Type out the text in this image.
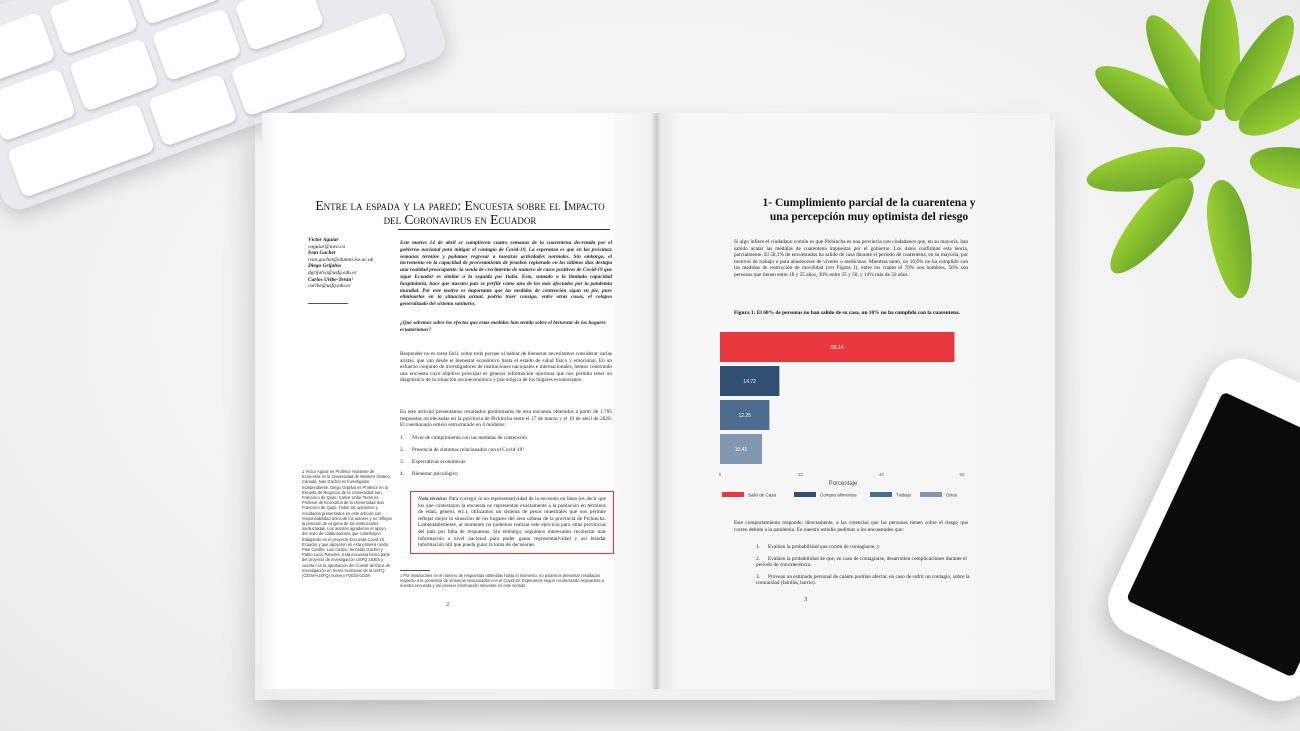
Entre la espada y la pared: Encuesta sobre el Impacto del Coronavirus en Ecuador
Víctor Aguiar
vaguiar@uwo.ca
Ivan Gachet
ivan.gachet@alumni.lse.ac.uk
Diego Grijalva
dgrijalva@usfq.edu.ec
Carlos Uribe-Terán¹
curibe@usfq.edu.ec
Este martes 14 de abril se cumplieron cuatro semanas de la cuarentena decretada por el gobierno nacional para mitigar el contagio de Covid-19. La esperanza es que en las próximas semanas termine y podamos regresar a nuestras actividades normales. Sin embargo, el incremento en la capacidad de procesamiento de pruebas registrado en los últimos días destapa una realidad preocupante: la senda de crecimiento de número de casos positivos de Covid-19 que sigue Ecuador es similar a la seguida por Italia. Esto, sumado a la limitada capacidad hospitalaria, hace que nuestro país se perfile como uno de los más afectados por la pandemia mundial. Por este motivo es importante que las medidas de contención sigan en pie, pues eliminarlas en la situación actual, podría traer consigo, entre otras cosas, el colapso generalizado del sistema sanitario.
¿Qué sabemos sobre los efectos que estas medidas han tenido sobre el bienestar de los hogares ecuatorianos?
Responder no es tarea fácil, sobre todo porque al hablar de bienestar necesitamos considerar varias aristas, que van desde el bienestar económico hasta el estado de salud físico y emocional. En un esfuerzo conjunto de investigadores de instituciones nacionales e internacionales, hemos construido una encuesta cuyo objetivo principal es generar información oportuna que nos permita tener un diagnóstico de la situación socioeconómica y psicológica de los hogares ecuatorianos.
En este artículo presentamos resultados preliminares de esta encuesta obtenidos a partir de 1.705 respuestas recolectadas en la provincia de Pichincha entre el 27 de marzo y el 10 de abril de 2020. El cuestionario estuvo estructurado en 4 módulos:
1. Nivel de cumplimiento con las medidas de contención
2. Presencia de síntomas relacionados con el Covid-19²
3. Expectativas económicas
4. Bienestar psicológico
1 Víctor Aguiar es Profesor Asistente de Economía en la Universidad de Western Ontario, Canadá. Ivan Gachet es Investigador Independiente. Diego Grijalva es Profesor en la Escuela de Negocios de la Universidad San Francisco de Quito. Carlos Uribe-Terán es Profesor de Economía de la Universidad San Francisco de Quito. Todas las opiniones y resultados presentados en este artículo son responsabilidad única de los autores y no reflejan la posición de ninguna de las instituciones involucradas. Los autores agradecen el apoyo del resto de colaboradores que contribuyen trabajando en el proyecto Encuesta Covid-19 Ecuador y que apoyaron en esta primera ronda: Paul Carrillo, Luis Castro, Nicholas Gachet y Pablo Lucio Paredes. Esta encuesta forma parte del proyecto de investigación USFQ 16304 y cuenta con la aprobación del Comité de Ética de Investigación en Seres Humanos de la USFQ (CEISH-USFQ) número P2020-021M.
Nota técnica: Para corregir la no-representatividad de la encuesta en línea (es decir que los que contestaron la encuesta no representan exactamente a la población en términos de edad, género, etc.), utilizamos un sistema de pesos muestrales que nos permite reflejar mejor la situación de los hogares del área urbana de la provincia de Pichincha. Lamentablemente, al momento no podemos realizar este ejercicio para otras provincias del país por falta de respuestas. Sin embargo, seguimos interesados recolectar más información a nivel nacional para poder ganar representatividad y así brindar información útil que pueda guiar la toma de decisiones.
1 Por limitaciones en el número de respuestas obtenidas hasta el momento, no podemos presentar resultados respecto a la presencia de síntomas relacionados con el Covid-19. Esperamos seguir recolectando respuestas a nuestra encuesta y así proveer información relevante en este sentido.
2
1- Cumplimiento parcial de la cuarentena y una percepción muy optimista del riesgo
Si algo infiere el ciudadano común es que Pichincha es una provincia con ciudadanos que, en su mayoría, han sabido acatar las medidas de cuarentena impuestas por el gobierno. Los datos confirman esta teoría, parcialmente. El 58,1% de encuestados ha salido de casa durante el período de cuarentena, en su mayoría, por motivos de trabajo o para abastecerse de víveres o medicinas. Mientras tanto, un 10,6% no ha cumplido con las medidas de restricción de movilidad (ver Figura 1), entre los cuales el 70% son hombres, 56% son personas que tienen entre 18 y 25 años, 30% entre 35 y 50, y 14% más de 50 años.
Figura 1: El 60% de personas no han salido de su casa, un 10% no ha cumplido con la cuarentena.
58.14
14.72
12.25
10.41
0	20	40	60
Porcentaje
Salió de Casa	Compra alimentos	Trabajo	Otros
Este comportamiento responde, directamente, a las creencias que las personas tienen sobre el riesgo que corren debido a la pandemia. En nuestro estudio pedimos a los encuestados que:
1. Evalúen la probabilidad que corren de contagiarse, y
2. Evalúen la probabilidad de que, en caso de contagiarse, desarrollen complicaciones durante el período de convalecencia.
3. Provean un estimado personal de cuánto podrían afectar, en caso de sufrir un contagio, sobre la comunidad (familia, barrio).
3
